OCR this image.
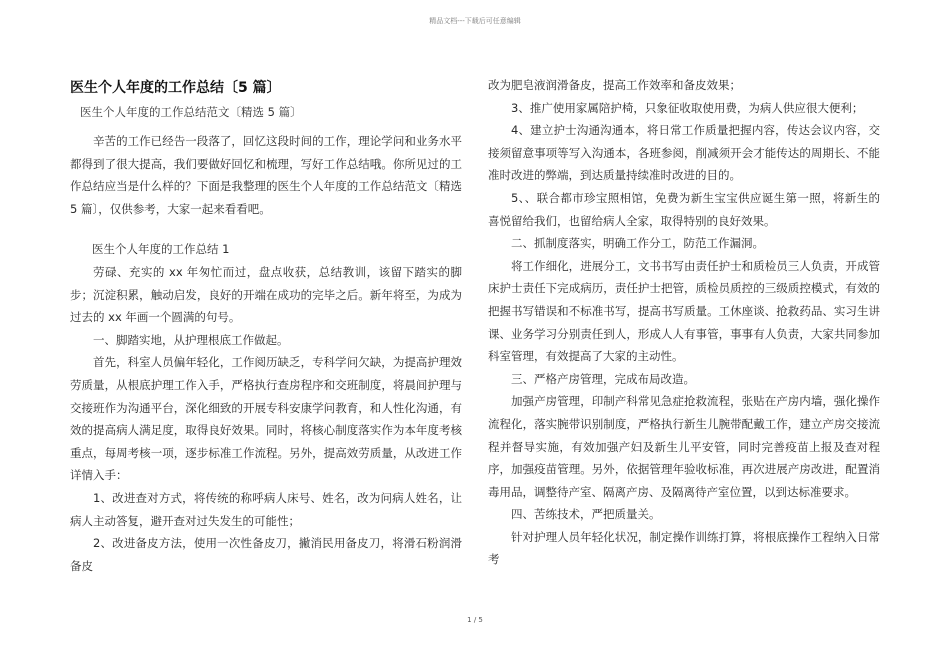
精品文档---下载后可任意编辑
医生个人年度的工作总结〔5 篇〕
医生个人年度的工作总结范文〔精选 5 篇〕

辛苦的工作已经告一段落了，回忆这段时间的工作，理论学问和业务水平都得到了很大提高，我们要做好回忆和梳理，写好工作总结哦。你所见过的工作总结应当是什么样的？下面是我整理的医生个人年度的工作总结范文〔精选 5 篇〕，仅供参考，大家一起来看看吧。

医生个人年度的工作总结 1

劳碌、充实的 xx 年匆忙而过，盘点收获，总结教训，该留下踏实的脚步；沉淀积累，触动启发，良好的开端在成功的完毕之后。新年将至，为成为过去的 xx 年画一个圆满的句号。

一、脚踏实地，从护理根底工作做起。

首先，科室人员偏年轻化，工作阅历缺乏，专科学问欠缺，为提高护理效劳质量，从根底护理工作入手，严格执行查房程序和交班制度，将晨间护理与交接班作为沟通平台，深化细致的开展专科安康学问教育，和人性化沟通，有效的提高病人满足度，取得良好效果。同时，将核心制度落实作为本年度考核重点，每周考核一项，逐步标准工作流程。另外，提高效劳质量，从改进工作详情入手：

1、改进查对方式，将传统的称呼病人床号、姓名，改为问病人姓名，让病人主动答复，避开查对过失发生的可能性；

2、改进备皮方法，使用一次性备皮刀，撇消民用备皮刀，将滑石粉润滑备皮

改为肥皂液润滑备皮，提高工作效率和备皮效果；

3、推广使用家属陪护椅，只象征收取使用费，为病人供应很大便利；

4、建立护士沟通沟通本，将日常工作质量把握内容，传达会议内容，交接须留意事项等写入沟通本，各班参阅，削减须开会才能传达的周期长、不能准时改进的弊端，到达质量持续准时改进的目的。

5、、联合都市珍宝照相馆，免费为新生宝宝供应诞生第一照，将新生的喜悦留给我们，也留给病人全家，取得特别的良好效果。

二、抓制度落实，明确工作分工，防范工作漏洞。

将工作细化，进展分工，文书书写由责任护士和质检员三人负责，开成管床护士责任下完成病历，责任护士把管，质检员质控的三级质控模式，有效的把握书写错误和不标准书写，提高书写质量。工休座谈、抢救药品、实习生讲课、业务学习分别责任到人，形成人人有事管，事事有人负责，大家共同参加科室管理，有效提高了大家的主动性。

三、严格产房管理，完成布局改造。

加强产房管理，印制产科常见急症抢救流程，张贴在产房内墙，强化操作流程化，落实腕带识别制度，严格执行新生儿腕带配戴工作，建立产房交接流程并督导实施，有效加强产妇及新生儿平安管，同时完善疫苗上报及查对程序，加强疫苗管理。另外，依据管理年验收标准，再次进展产房改进，配置消毒用品，调整待产室、隔离产房、及隔离待产室位置，以到达标准要求。

四、苦练技术，严把质量关。

针对护理人员年轻化状况，制定操作训练打算，将根底操作工程纳入日常考

1 / 5
